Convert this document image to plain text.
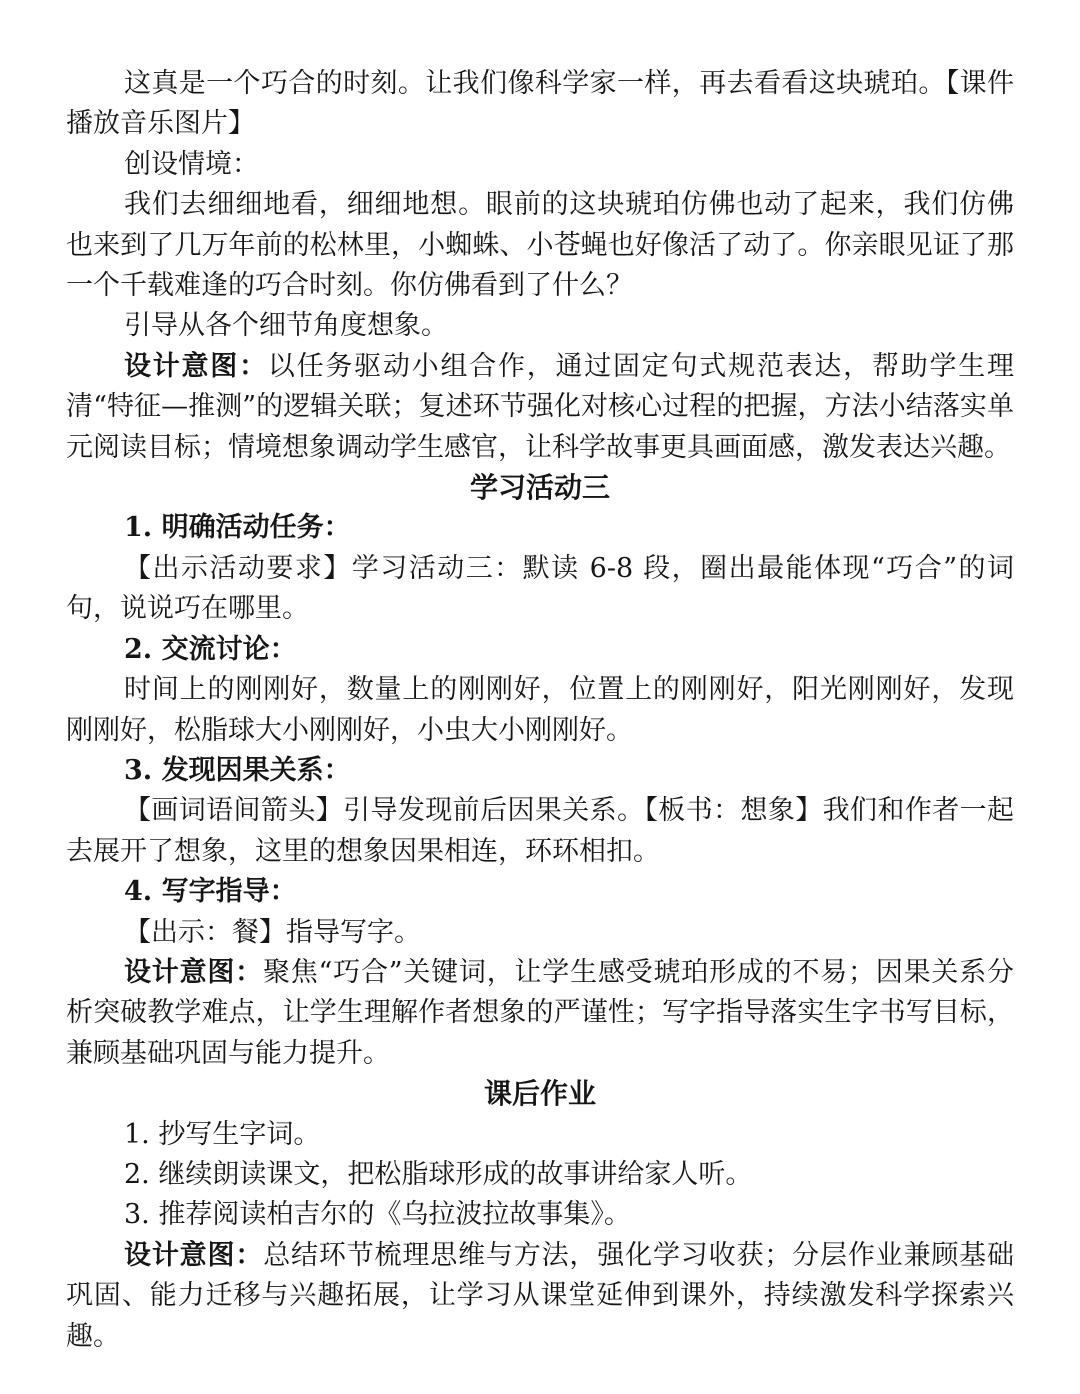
这真是一个巧合的时刻。让我们像科学家一样，再去看看这块琥珀。【课件播放音乐图片】

创设情境：

我们去细细地看，细细地想。眼前的这块琥珀仿佛也动了起来，我们仿佛也来到了几万年前的松林里，小蜘蛛、小苍蝇也好像活了动了。你亲眼见证了那一个千载难逢的巧合时刻。你仿佛看到了什么？

引导从各个细节角度想象。

设计意图：以任务驱动小组合作，通过固定句式规范表达，帮助学生理清“特征—推测”的逻辑关联；复述环节强化对核心过程的把握，方法小结落实单元阅读目标；情境想象调动学生感官，让科学故事更具画面感，激发表达兴趣。

学习活动三

1. 明确活动任务：

【出示活动要求】学习活动三：默读 6-8 段，圈出最能体现“巧合”的词句，说说巧在哪里。

2. 交流讨论：

时间上的刚刚好，数量上的刚刚好，位置上的刚刚好，阳光刚刚好，发现刚刚好，松脂球大小刚刚好，小虫大小刚刚好。

3. 发现因果关系：

【画词语间箭头】引导发现前后因果关系。【板书：想象】我们和作者一起去展开了想象，这里的想象因果相连，环环相扣。

4. 写字指导：

【出示：餐】指导写字。

设计意图：聚焦“巧合”关键词，让学生感受琥珀形成的不易；因果关系分析突破教学难点，让学生理解作者想象的严谨性；写字指导落实生字书写目标，兼顾基础巩固与能力提升。

课后作业

1. 抄写生字词。

2. 继续朗读课文，把松脂球形成的故事讲给家人听。

3. 推荐阅读柏吉尔的《乌拉波拉故事集》。

设计意图：总结环节梳理思维与方法，强化学习收获；分层作业兼顾基础巩固、能力迁移与兴趣拓展，让学习从课堂延伸到课外，持续激发科学探索兴趣。
